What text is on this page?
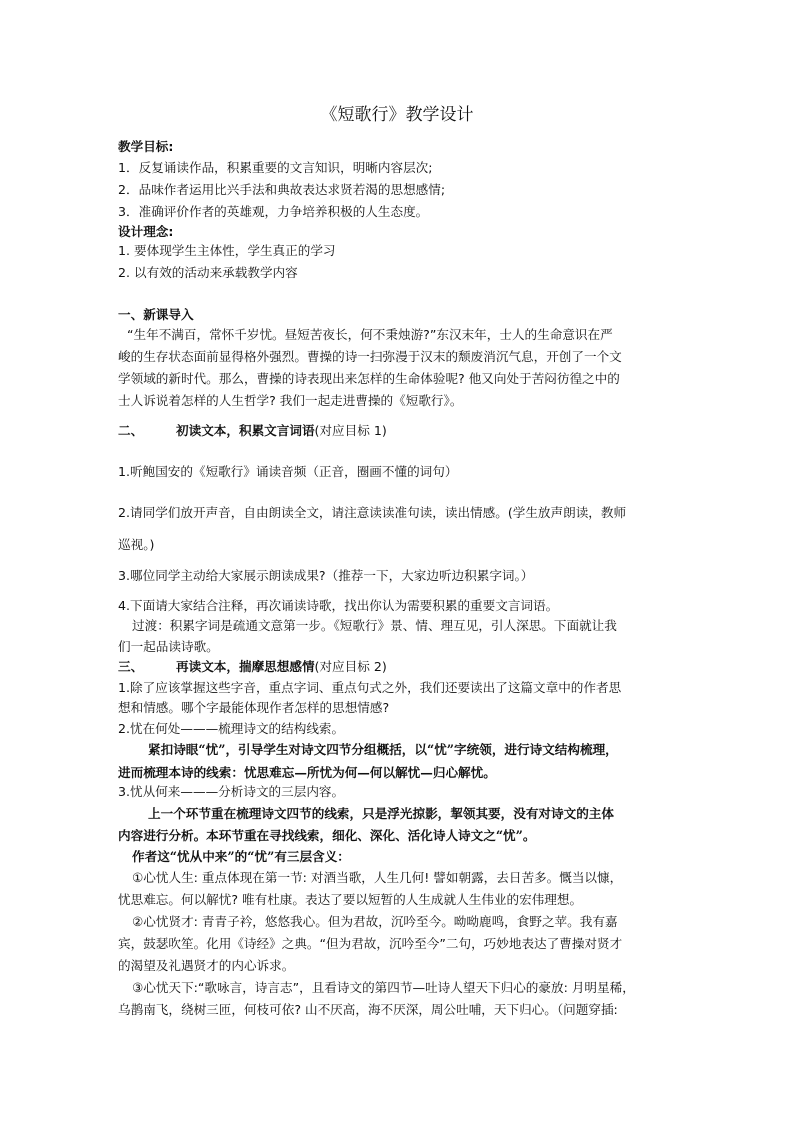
《短歌行》教学设计
教学目标:
1．反复诵读作品，积累重要的文言知识，明晰内容层次;
2．品味作者运用比兴手法和典故表达求贤若渴的思想感情;
3．准确评价作者的英雄观，力争培养积极的人生态度。
设计理念:
1. 要体现学生主体性，学生真正的学习
2. 以有效的活动来承载教学内容
一、新课导入
“生年不满百，常怀千岁忧。昼短苦夜长，何不秉烛游?”东汉末年，士人的生命意识在严
峻的生存状态面前显得格外强烈。曹操的诗一扫弥漫于汉末的颓废消沉气息，开创了一个文
学领域的新时代。那么，曹操的诗表现出来怎样的生命体验呢? 他又向处于苦闷彷徨之中的
士人诉说着怎样的人生哲学? 我们一起走进曹操的《短歌行》。
二、	初读文本，积累文言词语(对应目标 1)
1.听鲍国安的《短歌行》诵读音频（正音，圈画不懂的词句）
2.请同学们放开声音，自由朗读全文，请注意读读准句读，读出情感。(学生放声朗读，教师
巡视。)
3.哪位同学主动给大家展示朗读成果?（推荐一下，大家边听边积累字词。）
4.下面请大家结合注释，再次诵读诗歌，找出你认为需要积累的重要文言词语。
过渡：积累字词是疏通文意第一步。《短歌行》景、情、理互见，引人深思。下面就让我
们一起品读诗歌。
三、	再读文本，揣摩思想感情(对应目标 2)
1.除了应该掌握这些字音，重点字词、重点句式之外，我们还要读出了这篇文章中的作者思
想和情感。哪个字最能体现作者怎样的思想情感?
2.忧在何处———梳理诗文的结构线索。
紧扣诗眼“忧”，引导学生对诗文四节分组概括，以“忧”字统领，进行诗文结构梳理，
进而梳理本诗的线索：忧思难忘—所忧为何—何以解忧—归心解忧。
3.忧从何来———分析诗文的三层内容。
上一个环节重在梳理诗文四节的线索，只是浮光掠影，挈领其要，没有对诗文的主体
内容进行分析。本环节重在寻找线索，细化、深化、活化诗人诗文之“忧”。
作者这“忧从中来”的“忧”有三层含义：
①心忧人生: 重点体现在第一节: 对酒当歌，人生几何! 譬如朝露，去日苦多。慨当以慷，
忧思难忘。何以解忧? 唯有杜康。表达了要以短暂的人生成就人生伟业的宏伟理想。
②心忧贤才: 青青子衿，悠悠我心。但为君故，沉吟至今。呦呦鹿鸣，食野之苹。我有嘉
宾，鼓瑟吹笙。化用《诗经》之典。“但为君故，沉吟至今”二句，巧妙地表达了曹操对贤才
的渴望及礼遇贤才的内心诉求。
③心忧天下:“歌咏言，诗言志”，且看诗文的第四节—吐诗人望天下归心的豪放: 月明星稀，
乌鹊南飞，绕树三匝，何枝可依? 山不厌高，海不厌深，周公吐哺，天下归心。（问题穿插:
